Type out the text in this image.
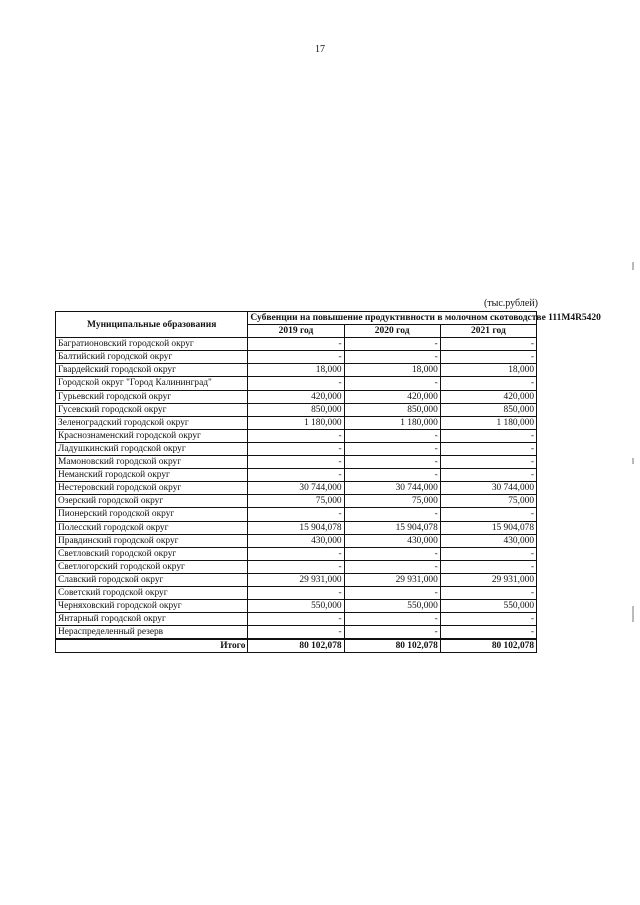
17
(тыс.рублей)
Муниципальные образования	Субвенции на повышение продуктивности в молочном скотоводстве 111M4R5420		
	2019 год	2020 год	2021 год
Багратионовский городской округ	-	-	-
Балтийский городской округ	-	-	-
Гвардейский городской округ	18,000	18,000	18,000
Городской округ "Город Калининград"	-	-	-
Гурьевский городской округ	420,000	420,000	420,000
Гусевский городской округ	850,000	850,000	850,000
Зеленоградский городской округ	1 180,000	1 180,000	1 180,000
Краснознаменский городской округ	-	-	-
Ладушкинский городской округ	-	-	-
Мамоновский городской округ	-	-	-
Неманский городской округ	-	-	-
Нестеровский городской округ	30 744,000	30 744,000	30 744,000
Озерский городской округ	75,000	75,000	75,000
Пионерский городской округ	-	-	-
Полесский городской округ	15 904,078	15 904,078	15 904,078
Правдинский городской округ	430,000	430,000	430,000
Светловский городской округ	-	-	-
Светлогорский городской округ	-	-	-
Славский городской округ	29 931,000	29 931,000	29 931,000
Советский городской округ	-	-	-
Черняховский городской округ	550,000	550,000	550,000
Янтарный городской округ	-	-	-
Нераспределенный резерв	-	-	-
Итого	80 102,078	80 102,078	80 102,078
